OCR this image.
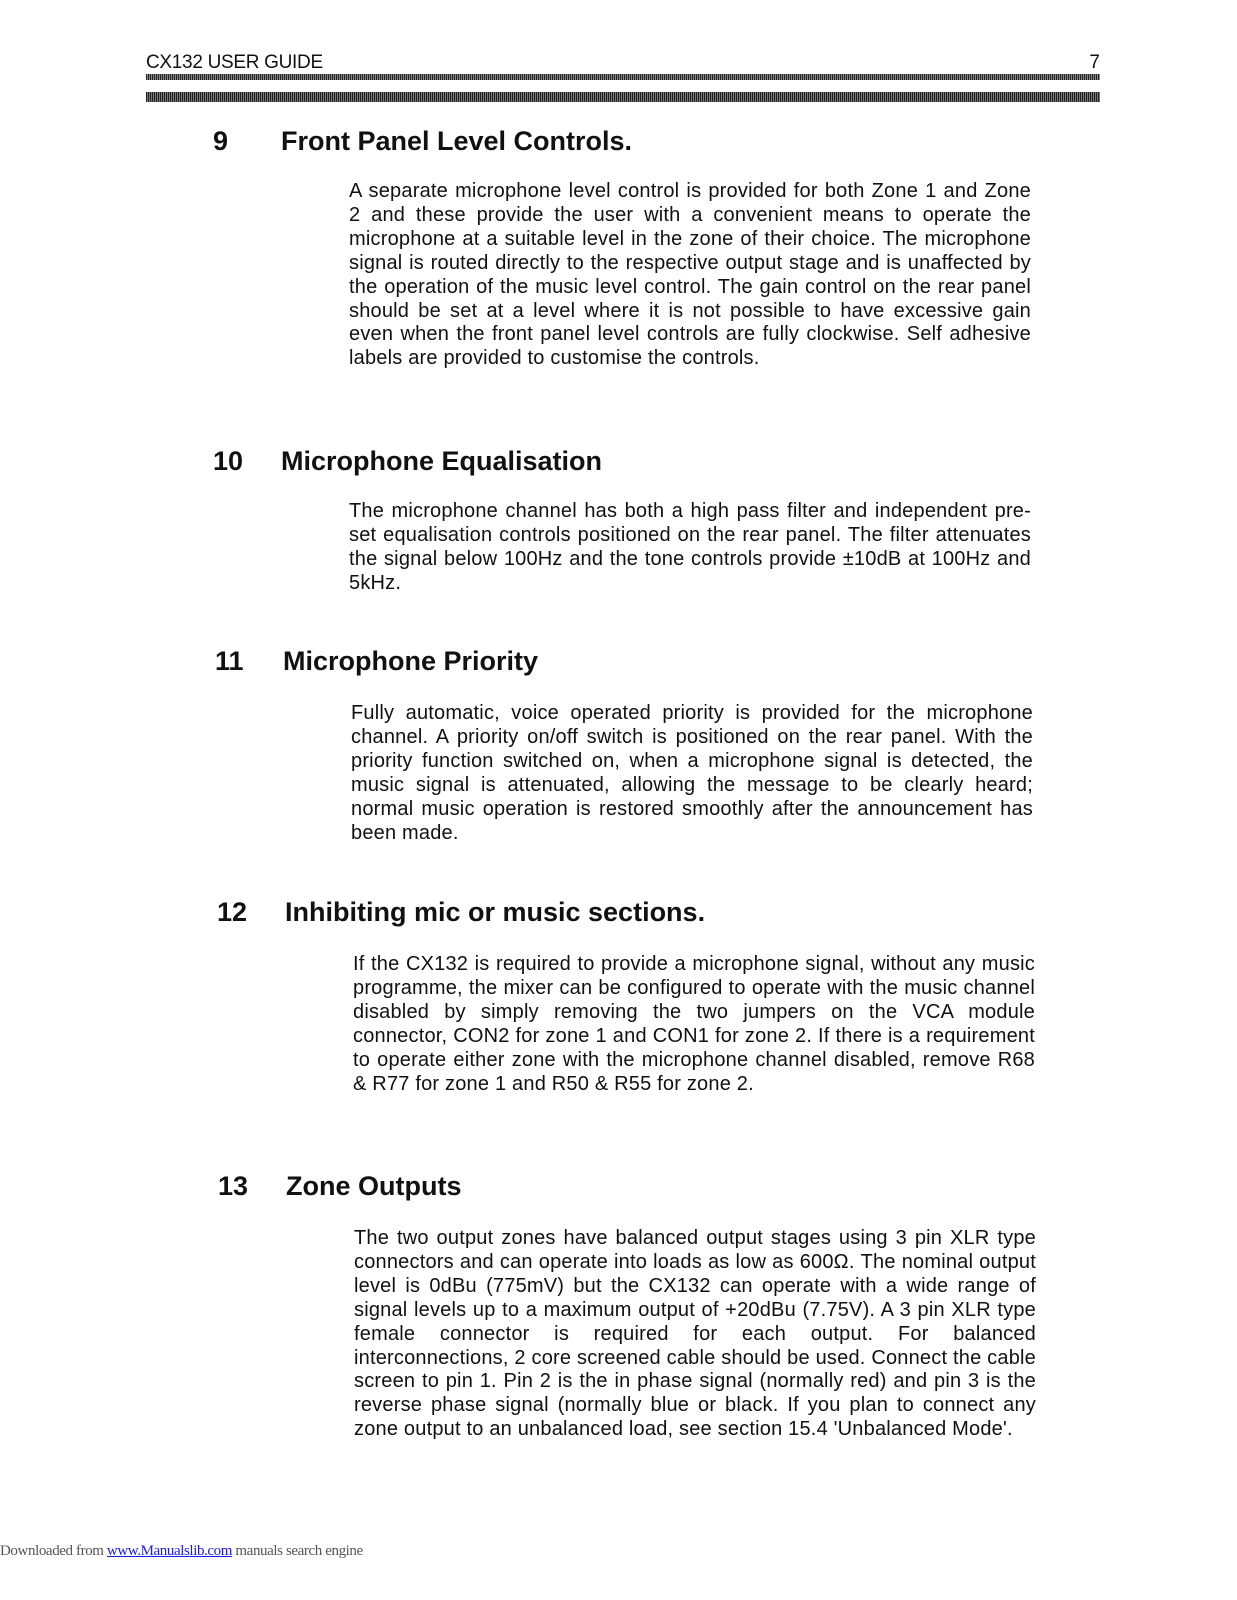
CX132 USER GUIDE	7
9 Front Panel Level Controls.
A separate microphone level control is provided for both Zone 1 and Zone 2 and these provide the user with a convenient means to operate the microphone at a suitable level in the zone of their choice. The microphone signal is routed directly to the respective output stage and is unaffected by the operation of the music level control. The gain control on the rear panel should be set at a level where it is not possible to have excessive gain even when the front panel level controls are fully clockwise. Self adhesive labels are provided to customise the controls.
10 Microphone Equalisation
The microphone channel has both a high pass filter and independent pre-set equalisation controls positioned on the rear panel. The filter attenuates the signal below 100Hz and the tone controls provide ±10dB at 100Hz and 5kHz.
11 Microphone Priority
Fully automatic, voice operated priority is provided for the microphone channel. A priority on/off switch is positioned on the rear panel. With the priority function switched on, when a microphone signal is detected, the music signal is attenuated, allowing the message to be clearly heard; normal music operation is restored smoothly after the announcement has been made.
12 Inhibiting mic or music sections.
If the CX132 is required to provide a microphone signal, without any music programme, the mixer can be configured to operate with the music channel disabled by simply removing the two jumpers on the VCA module connector, CON2 for zone 1 and CON1 for zone 2. If there is a requirement to operate either zone with the microphone channel disabled, remove R68 & R77 for zone 1 and R50 & R55 for zone 2.
13 Zone Outputs
The two output zones have balanced output stages using 3 pin XLR type connectors and can operate into loads as low as 600Ω. The nominal output level is 0dBu (775mV) but the CX132 can operate with a wide range of signal levels up to a maximum output of +20dBu (7.75V). A 3 pin XLR type female connector is required for each output. For balanced interconnections, 2 core screened cable should be used. Connect the cable screen to pin 1. Pin 2 is the in phase signal (normally red) and pin 3 is the reverse phase signal (normally blue or black. If you plan to connect any zone output to an unbalanced load, see section 15.4 'Unbalanced Mode'.
Downloaded from www.Manualslib.com manuals search engine
